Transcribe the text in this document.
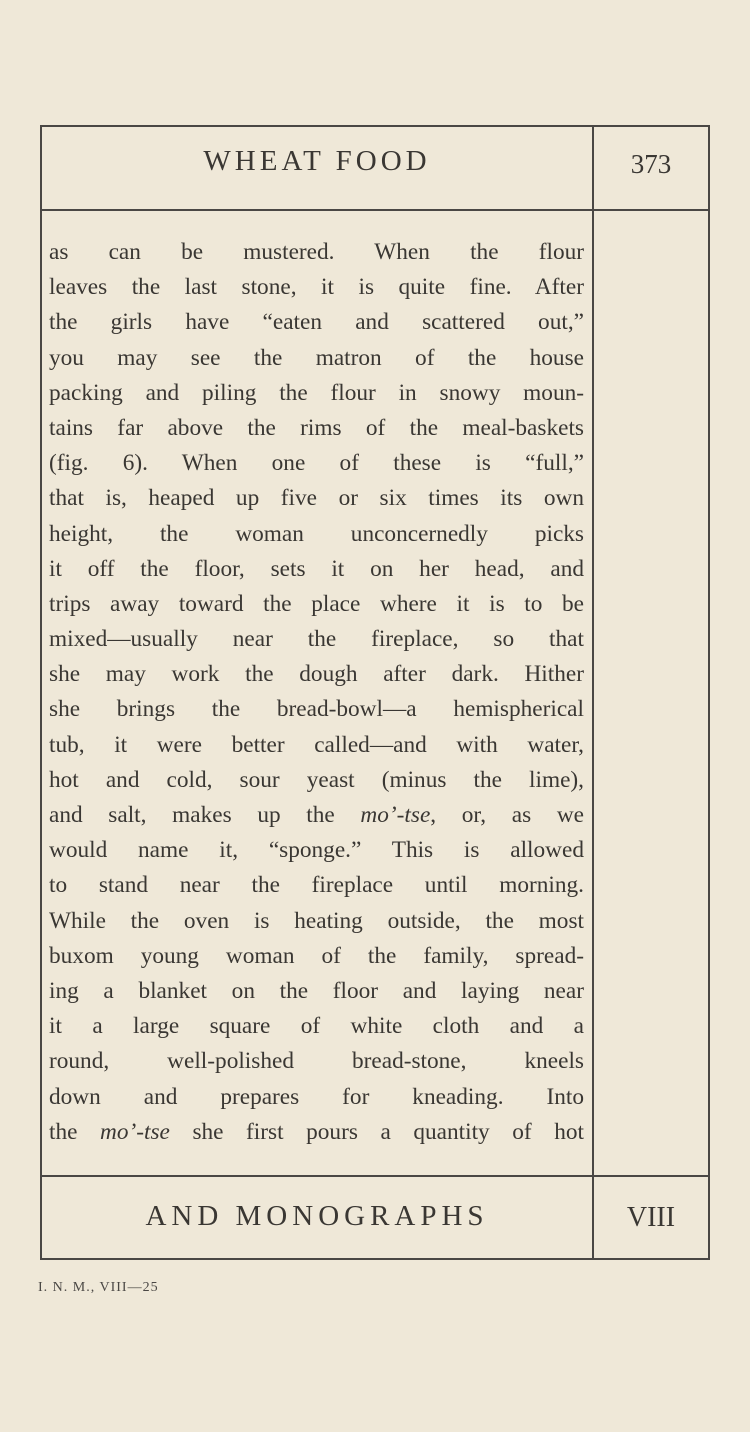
WHEAT FOOD	373
as can be mustered. When the flour
leaves the last stone, it is quite fine. After
the girls have “eaten and scattered out,”
you may see the matron of the house
packing and piling the flour in snowy moun-
tains far above the rims of the meal-baskets
(fig. 6). When one of these is “full,”
that is, heaped up five or six times its own
height, the woman unconcernedly picks
it off the floor, sets it on her head, and
trips away toward the place where it is to be
mixed—usually near the fireplace, so that
she may work the dough after dark. Hither
she brings the bread-bowl—a hemispherical
tub, it were better called—and with water,
hot and cold, sour yeast (minus the lime),
and salt, makes up the mo’-tse, or, as we
would name it, “sponge.” This is allowed
to stand near the fireplace until morning.
While the oven is heating outside, the most
buxom young woman of the family, spread-
ing a blanket on the floor and laying near
it a large square of white cloth and a
round, well-polished bread-stone, kneels
down and prepares for kneading. Into
the mo’-tse she first pours a quantity of hot
AND MONOGRAPHS	VIII
I. N. M., VIII—25
